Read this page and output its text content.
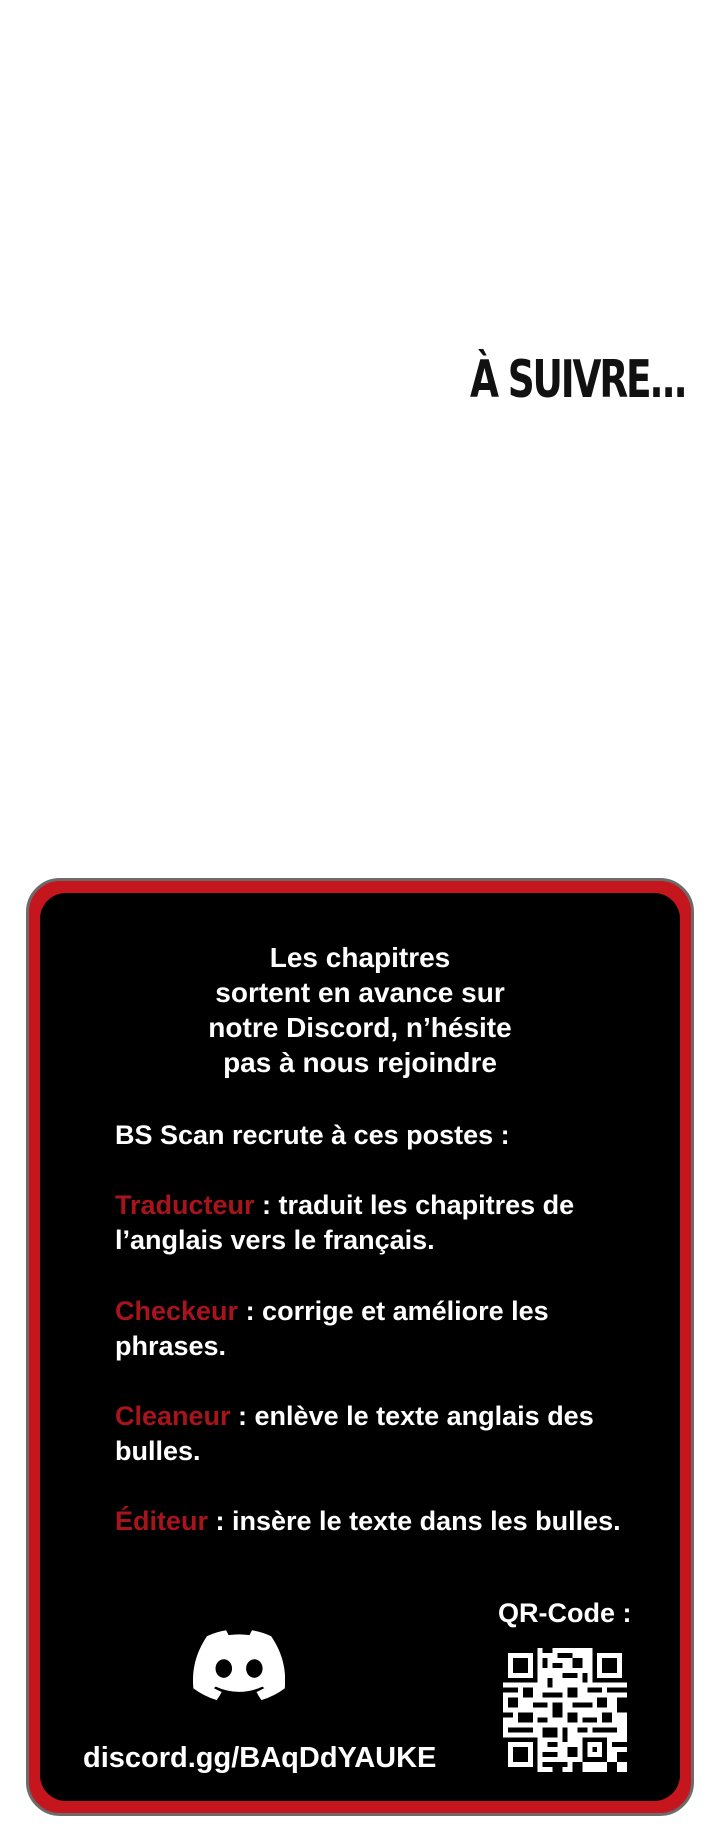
À SUIVRE...
Les chapitres
sortent en avance sur
notre Discord, n’hésite
pas à nous rejoindre
BS Scan recrute à ces postes :
Traducteur : traduit les chapitres de
l’anglais vers le français.
Checkeur : corrige et améliore les
phrases.
Cleaneur : enlève le texte anglais des
bulles.
Éditeur : insère le texte dans les bulles.
QR-Code :
discord.gg/BAqDdYAUKE
